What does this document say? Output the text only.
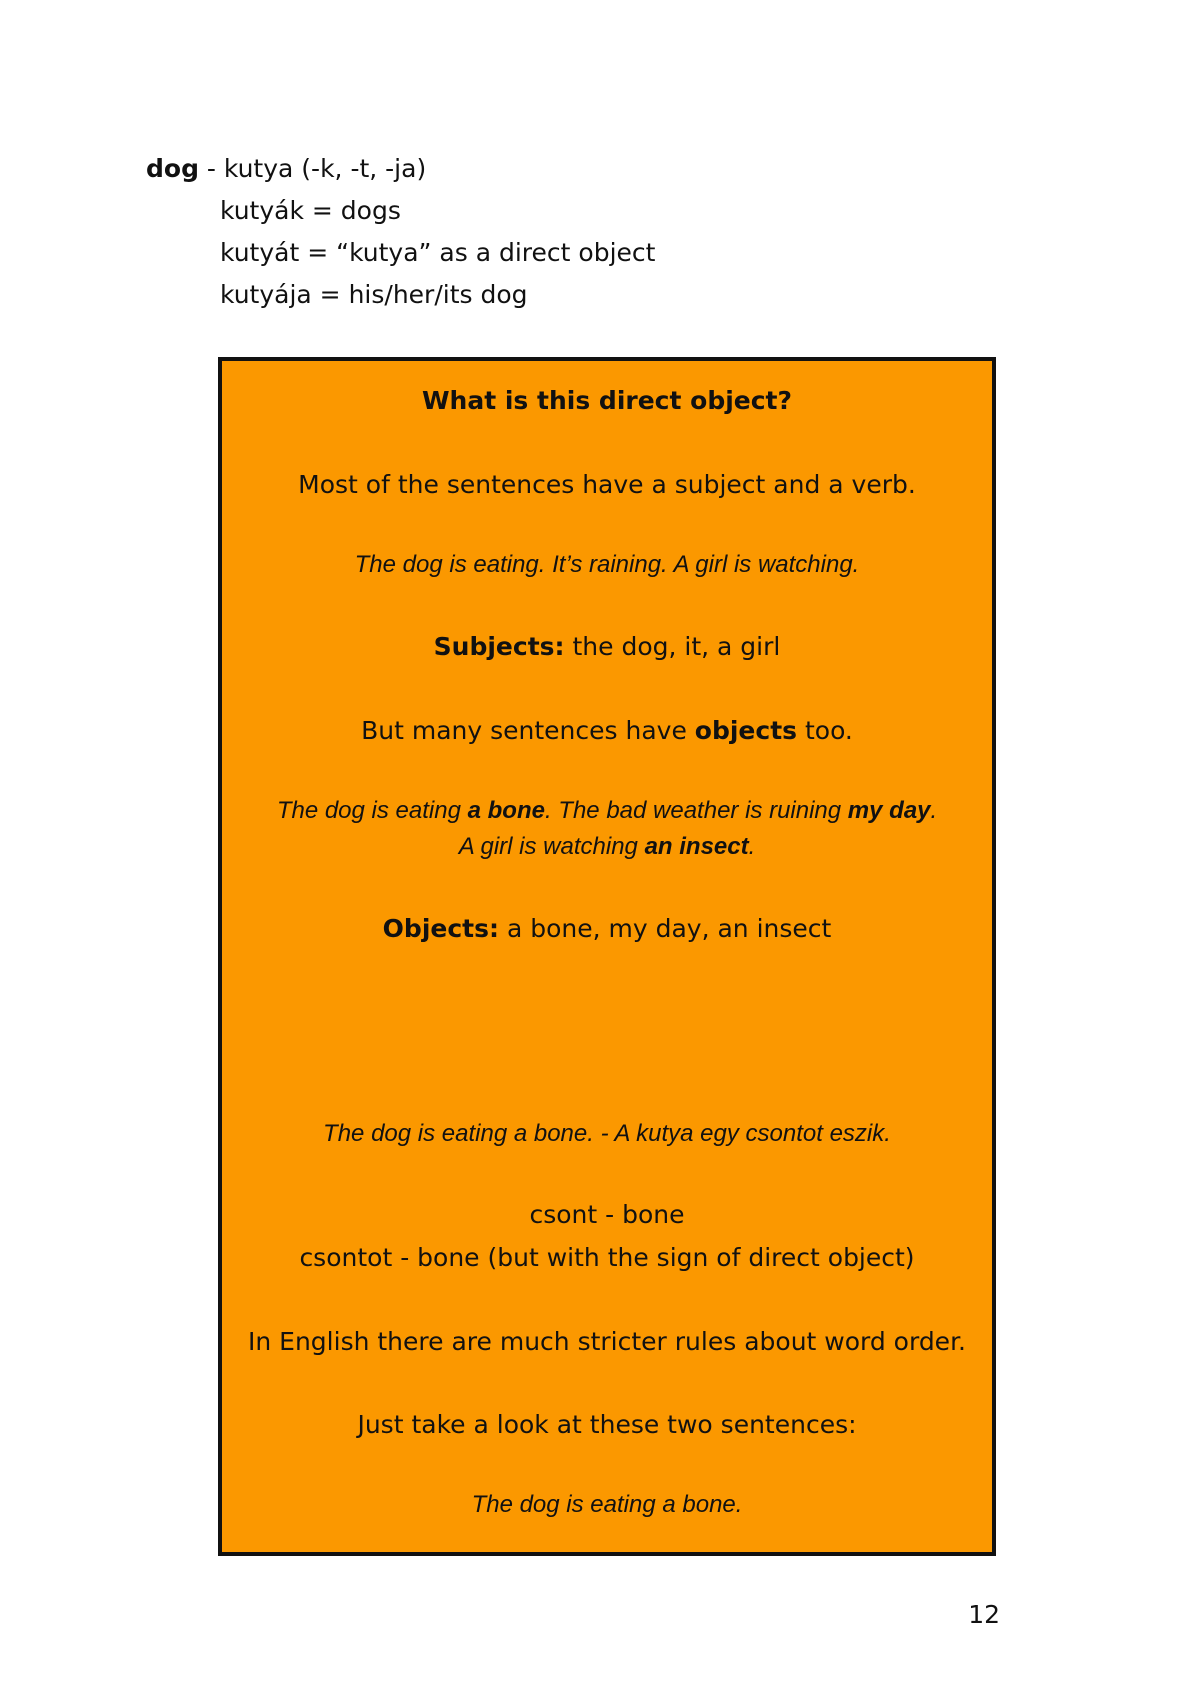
dog - kutya (-k, -t, -ja)
kutyák = dogs
kutyát = “kutya” as a direct object
kutyája = his/her/its dog
What is this direct object?
Most of the sentences have a subject and a verb.
The dog is eating. It’s raining. A girl is watching.
Subjects: the dog, it, a girl
But many sentences have objects too.
The dog is eating a bone. The bad weather is ruining my day.
A girl is watching an insect.
Objects: a bone, my day, an insect
The dog is eating a bone. - A kutya egy csontot eszik.
csont - bone
csontot - bone (but with the sign of direct object)
In English there are much stricter rules about word order.
Just take a look at these two sentences:
The dog is eating a bone.
12
